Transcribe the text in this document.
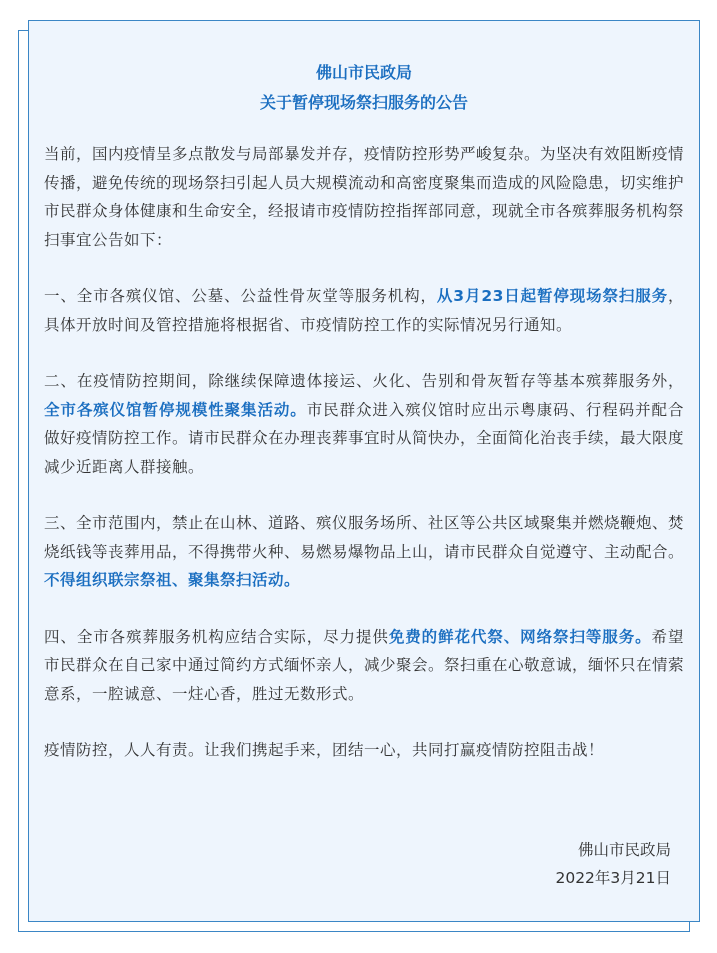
佛山市民政局

关于暂停现场祭扫服务的公告

当前，国内疫情呈多点散发与局部暴发并存，疫情防控形势严峻复杂。为坚决有效阻断疫情传播，避免传统的现场祭扫引起人员大规模流动和高密度聚集而造成的风险隐患，切实维护市民群众身体健康和生命安全，经报请市疫情防控指挥部同意，现就全市各殡葬服务机构祭扫事宜公告如下：

一、全市各殡仪馆、公墓、公益性骨灰堂等服务机构，从3月23日起暂停现场祭扫服务，具体开放时间及管控措施将根据省、市疫情防控工作的实际情况另行通知。

二、在疫情防控期间，除继续保障遗体接运、火化、告别和骨灰暂存等基本殡葬服务外，全市各殡仪馆暂停规模性聚集活动。市民群众进入殡仪馆时应出示粤康码、行程码并配合做好疫情防控工作。请市民群众在办理丧葬事宜时从简快办，全面简化治丧手续，最大限度减少近距离人群接触。

三、全市范围内，禁止在山林、道路、殡仪服务场所、社区等公共区域聚集并燃烧鞭炮、焚烧纸钱等丧葬用品，不得携带火种、易燃易爆物品上山，请市民群众自觉遵守、主动配合。不得组织联宗祭祖、聚集祭扫活动。

四、全市各殡葬服务机构应结合实际，尽力提供免费的鲜花代祭、网络祭扫等服务。希望市民群众在自己家中通过简约方式缅怀亲人，减少聚会。祭扫重在心敬意诚，缅怀只在情萦意系，一腔诚意、一炷心香，胜过无数形式。

疫情防控，人人有责。让我们携起手来，团结一心，共同打赢疫情防控阻击战！

佛山市民政局
2022年3月21日
